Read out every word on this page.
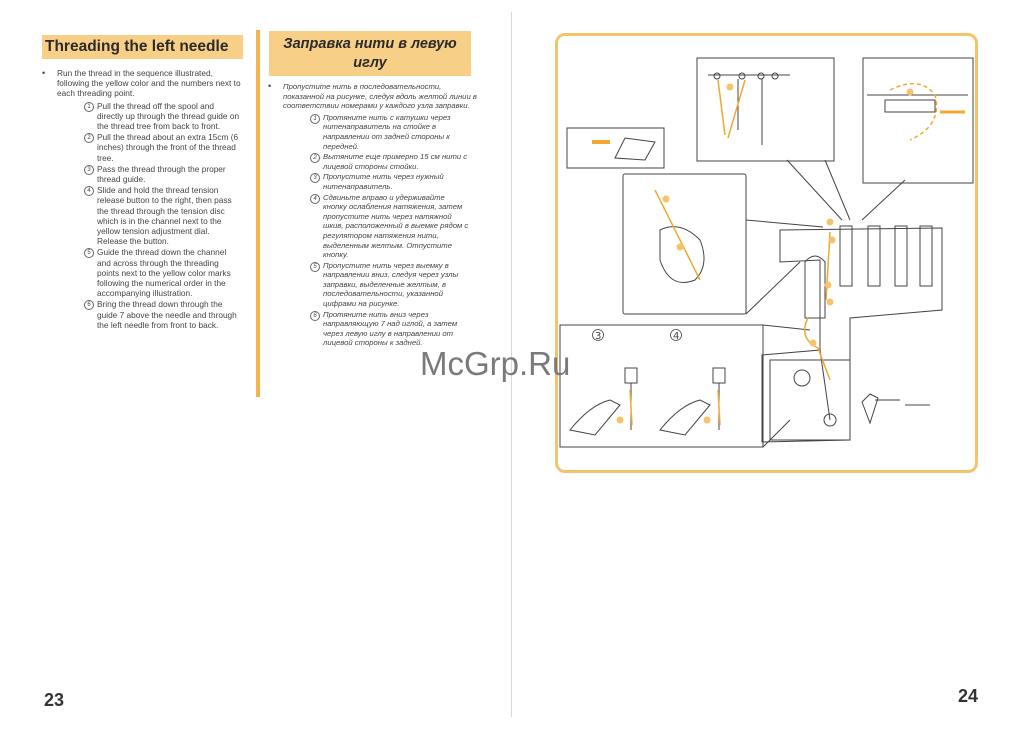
Threading the left needle
•	Run the thread in the sequence illustrated, following the yellow color and the numbers next to each threading point.
1 Pull the thread off the spool and directly up through the thread guide on the thread tree from back to front.
2 Pull the thread about an extra 15cm (6 inches) through the front of the thread tree.
3 Pass the thread through the proper thread guide.
4 Slide and hold the thread tension release button to the right, then pass the thread through the tension disc which is in the channel next to the yellow tension adjustment dial. Release the button.
5 Guide the thread down the channel and across through the threading points next to the yellow color marks following the numerical order in the accompanying illustration.
6 Bring the thread down through the guide 7 above the needle and through the left needle from front to back.
Заправка нити в левую
иглу
•	Пропустите нить в последовательности, показанной на рисунке, следуя вдоль желтой линии в соответствии номерами у каждого узла заправки.
1 Протяните нить с катушки через нитенаправитель на стойке в направлении от задней стороны к передней.
2 Вытяните еще примерно 15 см нити с лицевой стороны стойки.
3 Пропустите нить через нужный нитенаправитель.
4 Сдвиньте вправо и удерживайте кнопку ослабления натяжения, затем пропустите нить через натяжной шкив, расположенный в выемке рядом с регулятором натяжения нити, выделенным желтым. Отпустите кнопку.
5 Пропустите нить через выемку в направлении вниз, следуя через узлы заправки, выделенные желтым, в последовательности, указанной цифрами на рисунке.
6 Протяните нить вниз через направляющую 7 над иглой, а затем через левую иглу в направлении от лицевой стороны к задней.
23
3	4
24
McGrp.Ru
